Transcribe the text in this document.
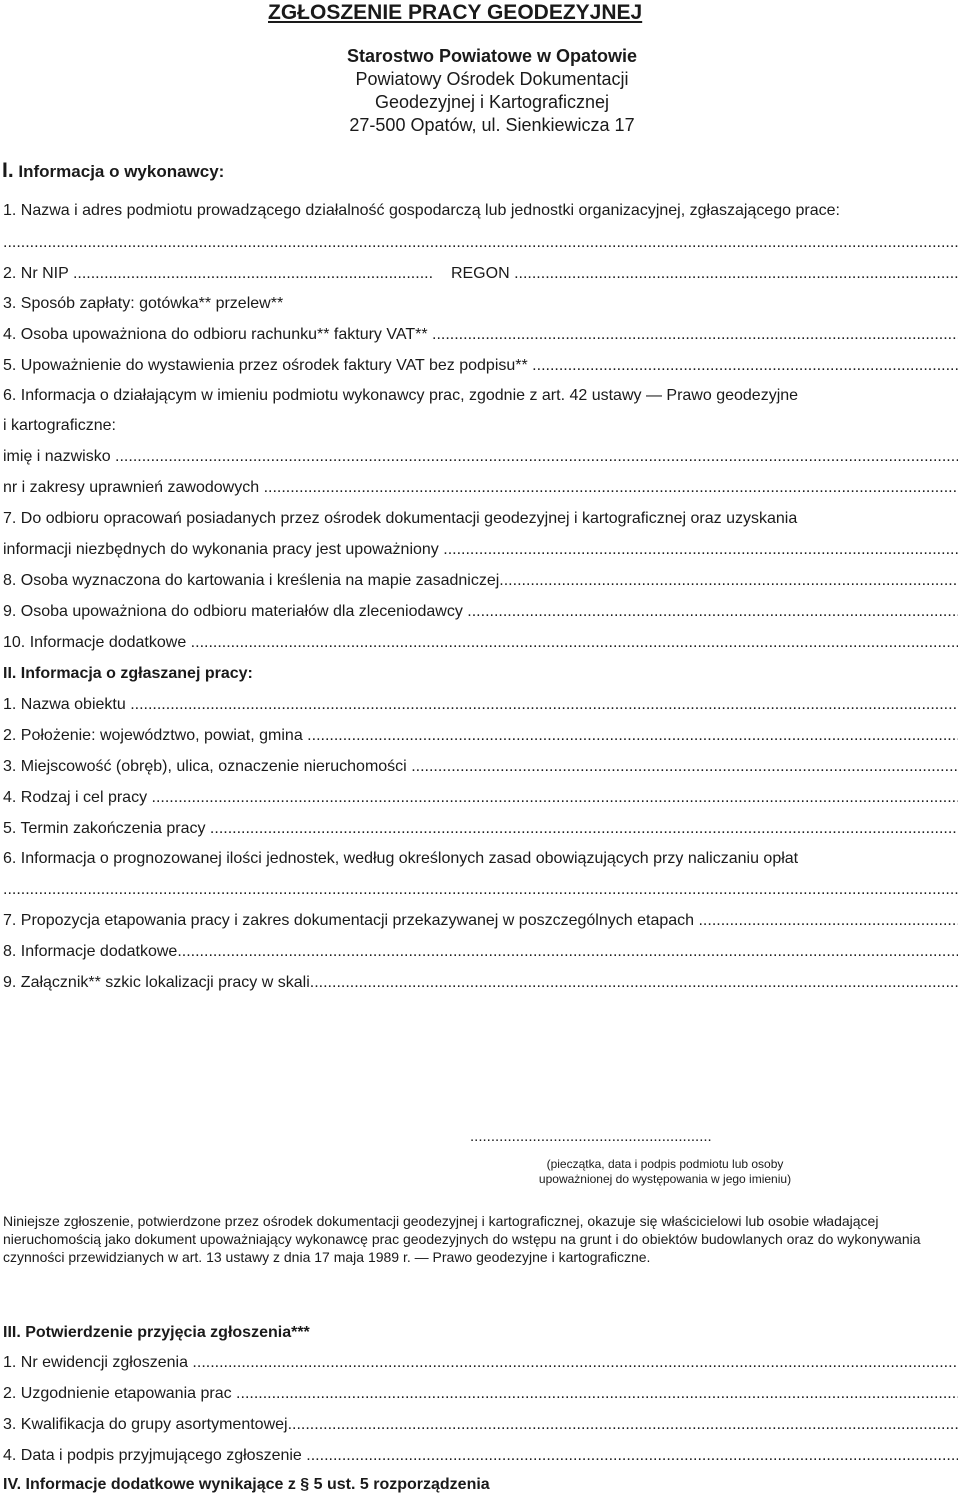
ZGŁOSZENIE PRACY GEODEZYJNEJ
Starostwo Powiatowe w Opatowie
Powiatowy Ośrodek Dokumentacji
Geodezyjnej i Kartograficznej
27-500 Opatów, ul. Sienkiewicza 17
I. Informacja o wykonawcy:
1. Nazwa i adres podmiotu prowadzącego działalność gospodarczą lub jednostki organizacyjnej, zgłaszającego prace:
.....
2. Nr NIP
.....	REGON
.....
3. Sposób zapłaty: gotówka** przelew**
4. Osoba upoważniona do odbioru rachunku** faktury VAT**
.....
5. Upoważnienie do wystawienia przez ośrodek faktury VAT bez podpisu**
.....
6. Informacja o działającym w imieniu podmiotu wykonawcy prac, zgodnie z art. 42 ustawy — Prawo geodezyjne
i kartograficzne:
imię i nazwisko
.....
nr i zakresy uprawnień zawodowych
.....
7. Do odbioru opracowań posiadanych przez ośrodek dokumentacji geodezyjnej i kartograficznej oraz uzyskania
informacji niezbędnych do wykonania pracy jest upoważniony
.....
8. Osoba wyznaczona do kartowania i kreślenia na mapie zasadniczej
.....
9. Osoba upoważniona do odbioru materiałów dla zleceniodawcy
.....
10. Informacje dodatkowe
.....
II. Informacja o zgłaszanej pracy:
1. Nazwa obiektu
.....
2. Położenie: województwo, powiat, gmina
.....
3. Miejscowość (obręb), ulica, oznaczenie nieruchomości
.....
4. Rodzaj i cel pracy
.....
5. Termin zakończenia pracy
.....
6. Informacja o prognozowanej ilości jednostek, według określonych zasad obowiązujących przy naliczaniu opłat
.....
7. Propozycja etapowania pracy i zakres dokumentacji przekazywanej w poszczególnych etapach
.....
8. Informacje dodatkowe
.....
9. Załącznik** szkic lokalizacji pracy w skali
.....
..........................................................
(pieczątka, data i podpis podmiotu lub osoby
upoważnionej do występowania w jego imieniu)
Niniejsze zgłoszenie, potwierdzone przez ośrodek dokumentacji geodezyjnej i kartograficznej, okazuje się właścicielowi lub osobie władającej nieruchomością jako dokument upoważniający wykonawcę prac geodezyjnych do wstępu na grunt i do obiektów budowlanych oraz do wykonywania czynności przewidzianych w art. 13 ustawy z dnia 17 maja 1989 r. — Prawo geodezyjne i kartograficzne.
III. Potwierdzenie przyjęcia zgłoszenia***
1. Nr ewidencji zgłoszenia
.....
2. Uzgodnienie etapowania prac
.....
3. Kwalifikacja do grupy asortymentowej
.....
4. Data i podpis przyjmującego zgłoszenie
.....
IV. Informacje dodatkowe wynikające z § 5 ust. 5 rozporządzenia
